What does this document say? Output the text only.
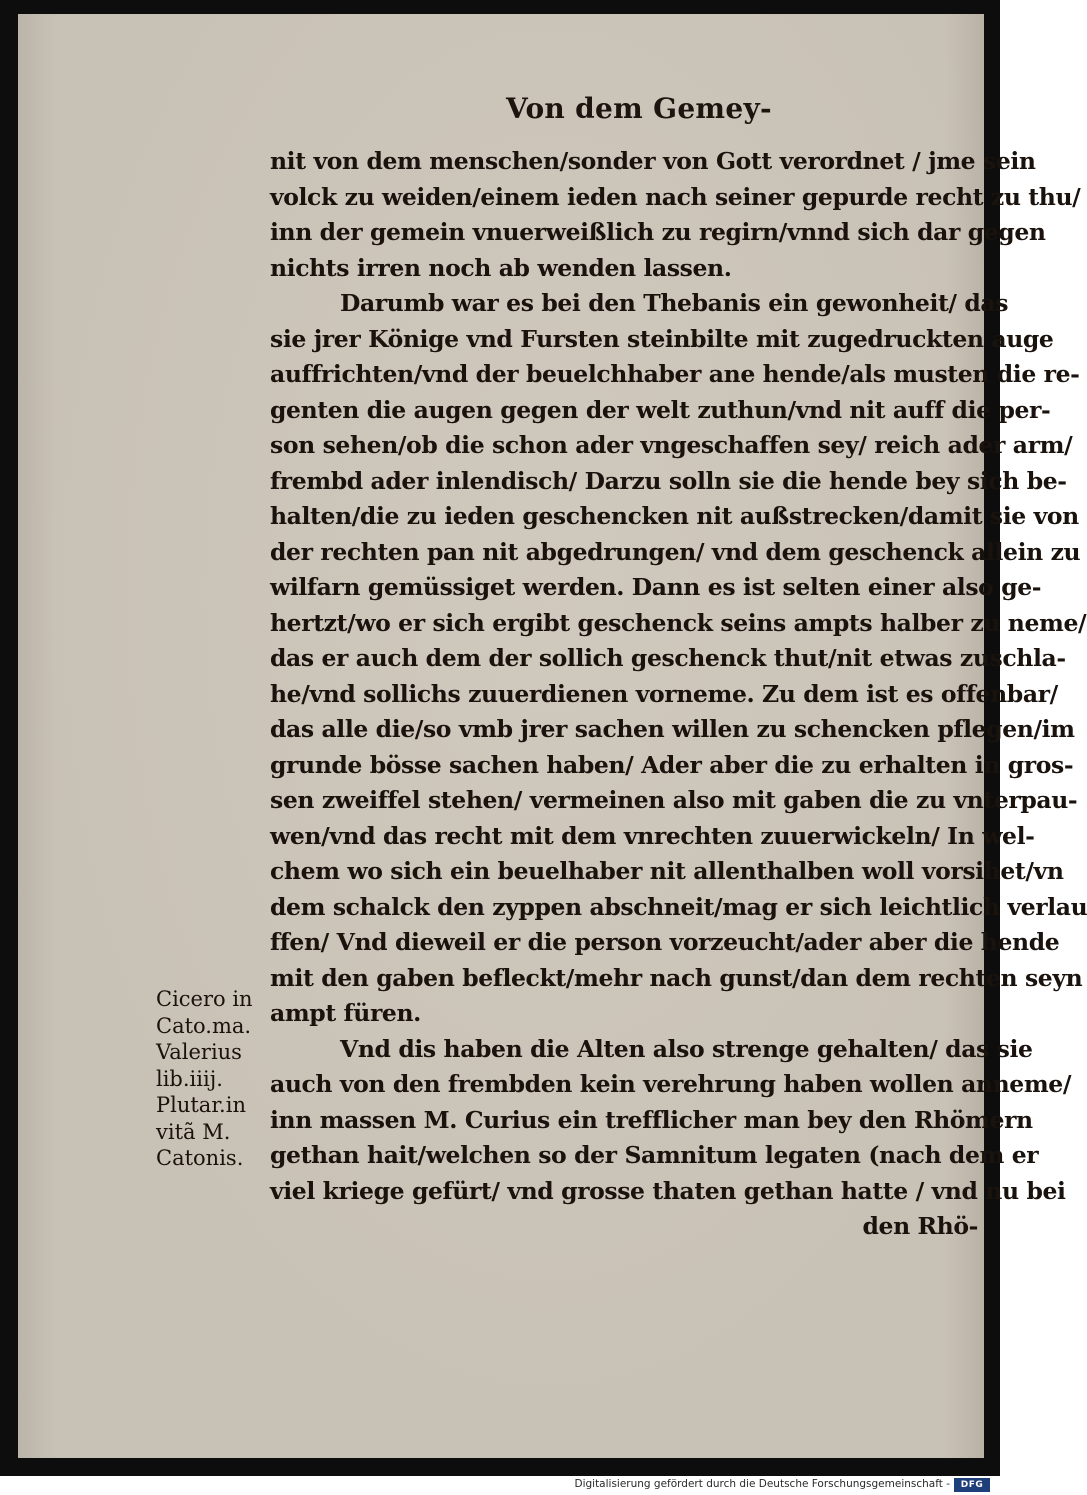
Von dem Gemey-
nit von dem menschen/sonder von Gott verordnet / jme sein
volck zu weiden/einem ieden nach seiner gepurde recht zu thu/
inn der gemein vnuerweißlich zu regirn/vnnd sich dar gegen
nichts irren noch ab wenden lassen.
Darumb war es bei den Thebanis ein gewonheit/ das
sie jrer Könige vnd Fursten steinbilte mit zugedruckten auge
auffrichten/vnd der beuelchhaber ane hende/als musten die re-
genten die augen gegen der welt zuthun/vnd nit auff die per-
son sehen/ob die schon ader vngeschaffen sey/ reich ader arm/
frembd ader inlendisch/ Darzu solln sie die hende bey sich be-
halten/die zu ieden geschencken nit außstrecken/damit sie von
der rechten pan nit abgedrungen/ vnd dem geschenck allein zu
wilfarn gemüssiget werden. Dann es ist selten einer also ge-
hertzt/wo er sich ergibt geschenck seins ampts halber zu neme/
das er auch dem der sollich geschenck thut/nit etwas zuschla-
he/vnd sollichs zuuerdienen vorneme. Zu dem ist es offenbar/
das alle die/so vmb jrer sachen willen zu schencken pflegen/im
grunde bösse sachen haben/ Ader aber die zu erhalten in gros-
sen zweiffel stehen/ vermeinen also mit gaben die zu vnterpau-
wen/vnd das recht mit dem vnrechten zuuerwickeln/ In wel-
chem wo sich ein beuelhaber nit allenthalben woll vorsihet/vn
dem schalck den zyppen abschneit/mag er sich leichtlich verlau
ffen/ Vnd dieweil er die person vorzeucht/ader aber die hende
mit den gaben befleckt/mehr nach gunst/dan dem rechten seyn
ampt füren.
Vnd dis haben die Alten also strenge gehalten/ das sie
auch von den frembden kein verehrung haben wollen anneme/
inn massen M. Curius ein trefflicher man bey den Rhömern
gethan hait/welchen so der Samnitum legaten (nach dem er
viel kriege gefürt/ vnd grosse thaten gethan hatte / vnd nu bei
den Rhö-
Cicero in
Cato.ma.
Valerius
lib.iiij.
Plutar.in
vitã M.
Catonis.
Digitalisierung gefördert durch die Deutsche Forschungsgemeinschaft -	DFG
